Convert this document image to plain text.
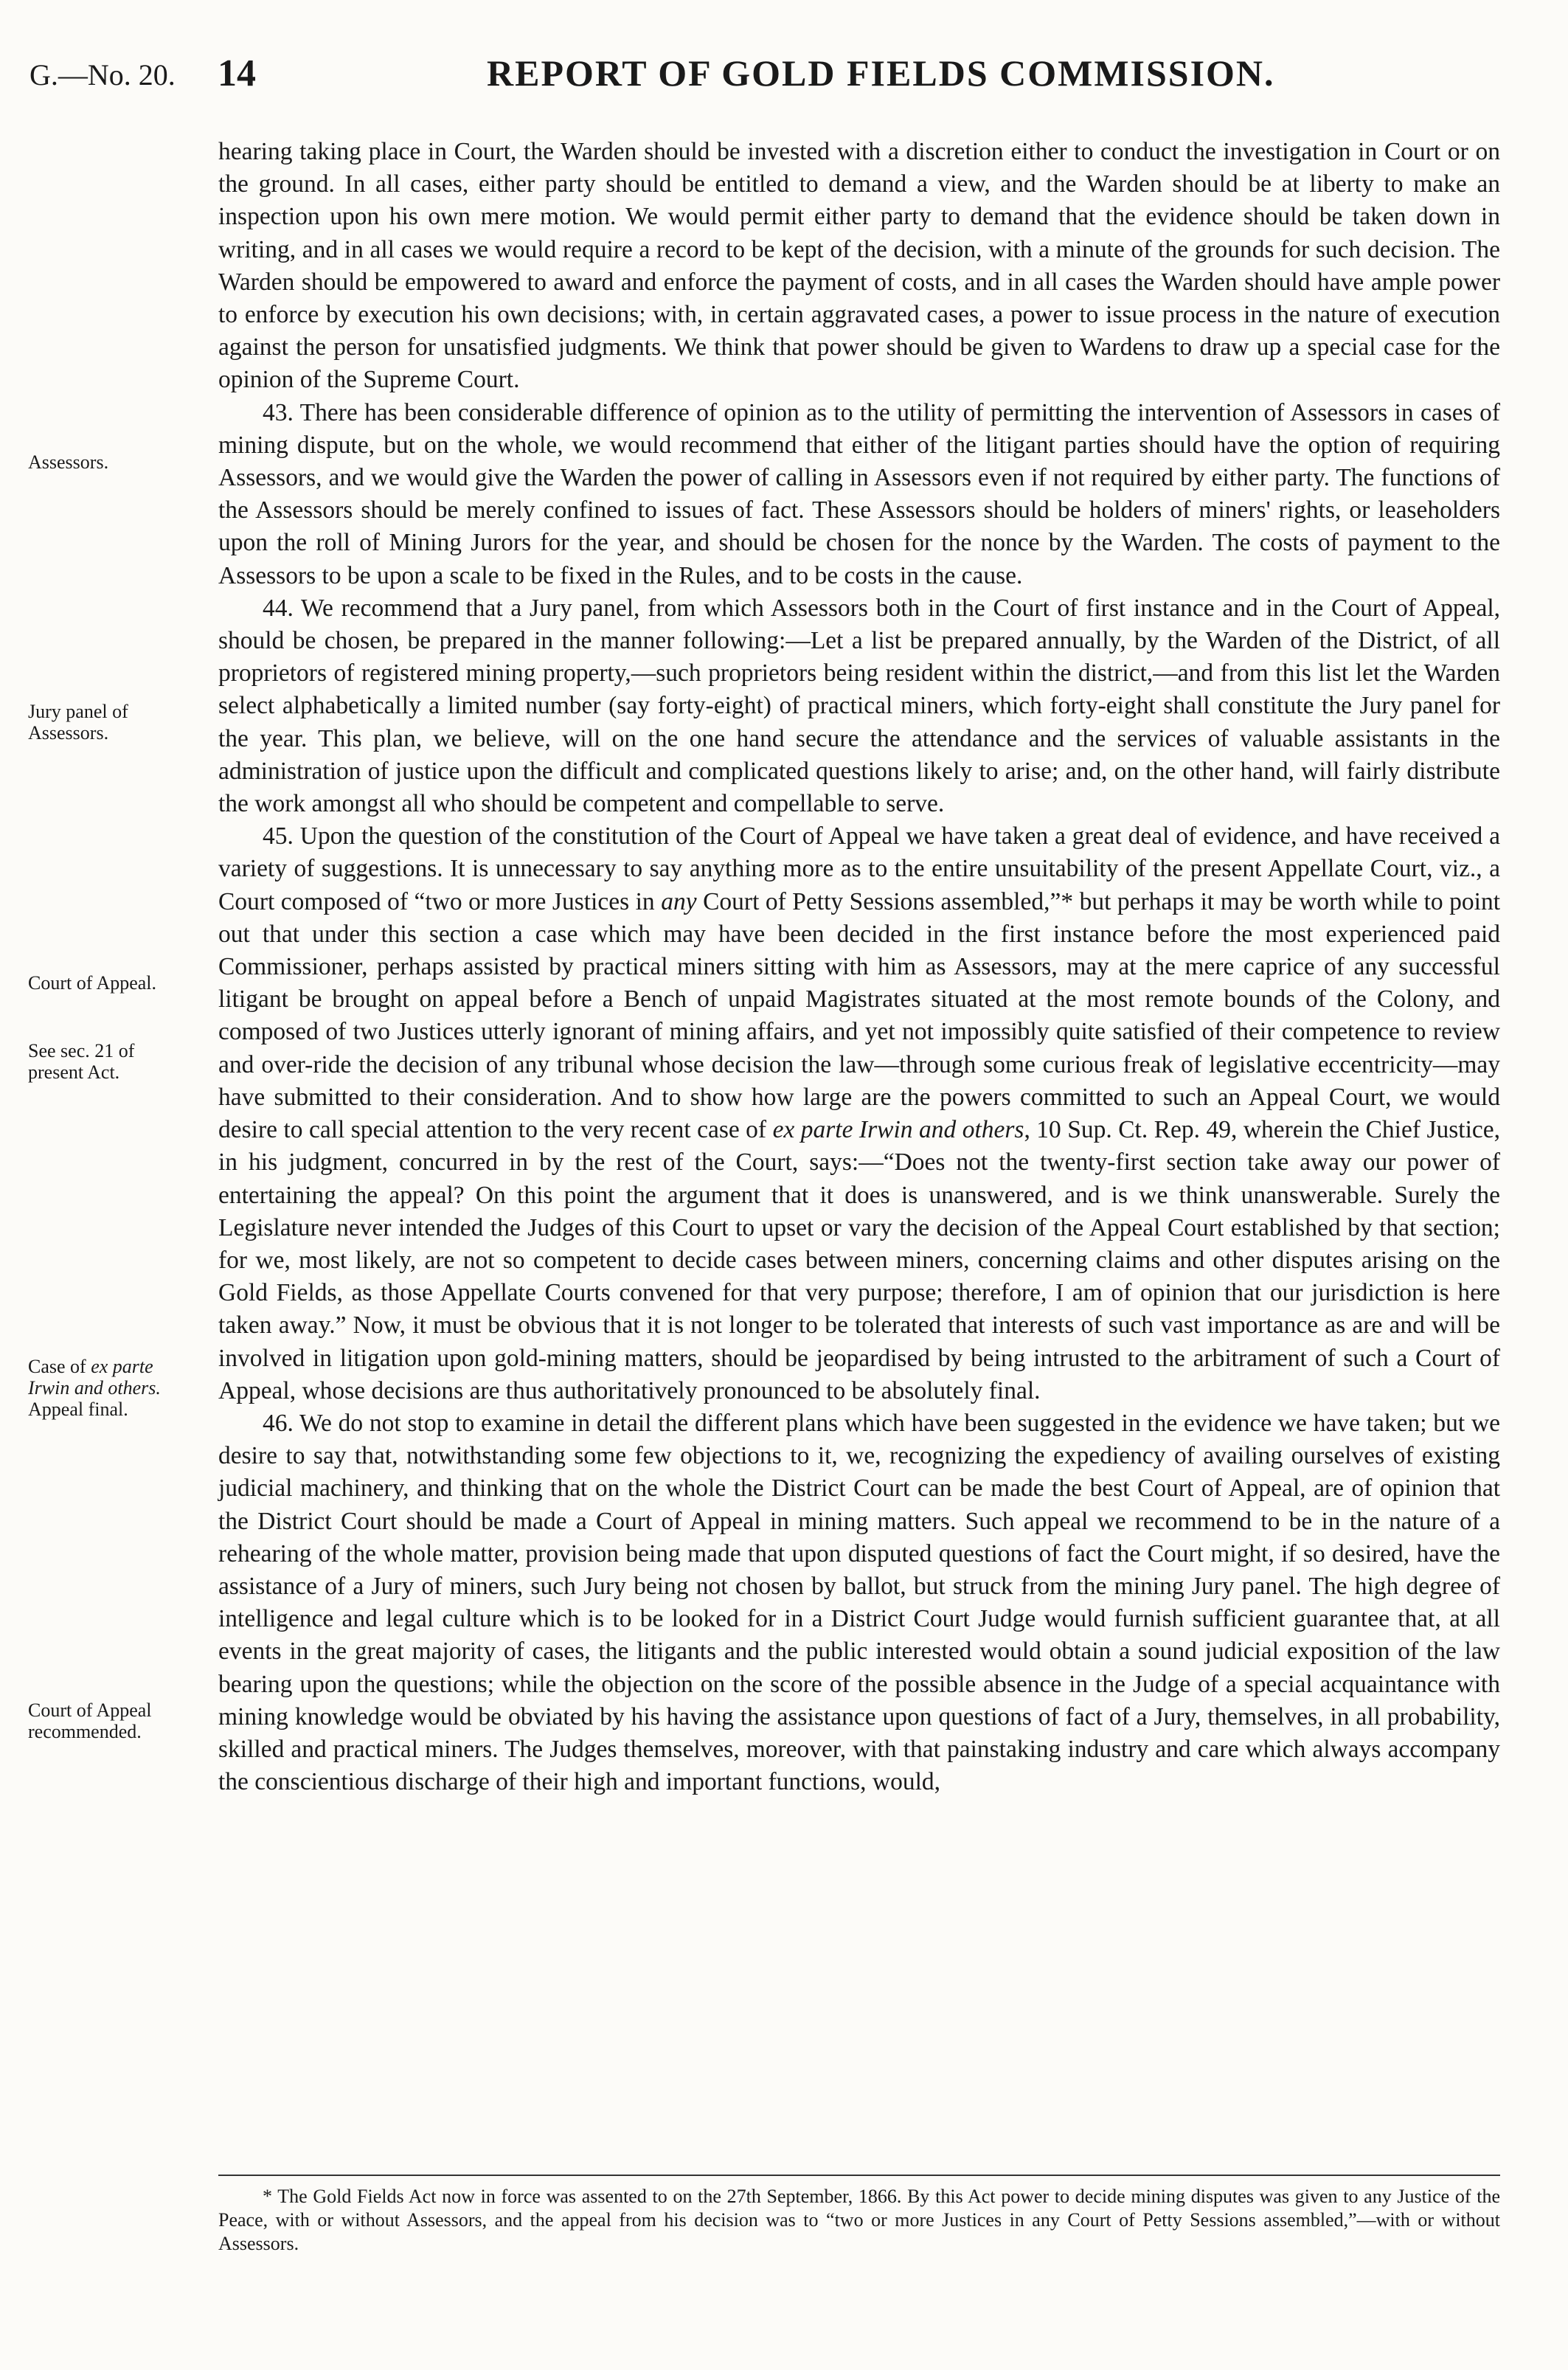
G.—No. 20. 14	REPORT OF GOLD FIELDS COMMISSION.
Assessors.
Jury panel of
Assessors.
Court of Appeal.
See sec. 21 of
present Act.
Case of ex parte
Irwin and others.
Appeal final.
Court of Appeal
recommended.

hearing taking place in Court, the Warden should be invested with a discretion either to conduct the investigation in Court or on the ground. In all cases, either party should be entitled to demand a view, and the Warden should be at liberty to make an inspection upon his own mere motion. We would permit either party to demand that the evidence should be taken down in writing, and in all cases we would require a record to be kept of the decision, with a minute of the grounds for such decision. The Warden should be empowered to award and enforce the payment of costs, and in all cases the Warden should have ample power to enforce by execution his own decisions; with, in certain aggravated cases, a power to issue process in the nature of execution against the person for unsatisfied judgments. We think that power should be given to Wardens to draw up a special case for the opinion of the Supreme Court.

43. There has been considerable difference of opinion as to the utility of permitting the intervention of Assessors in cases of mining dispute, but on the whole, we would recommend that either of the litigant parties should have the option of requiring Assessors, and we would give the Warden the power of calling in Assessors even if not required by either party. The functions of the Assessors should be merely confined to issues of fact. These Assessors should be holders of miners' rights, or leaseholders upon the roll of Mining Jurors for the year, and should be chosen for the nonce by the Warden. The costs of payment to the Assessors to be upon a scale to be fixed in the Rules, and to be costs in the cause.

44. We recommend that a Jury panel, from which Assessors both in the Court of first instance and in the Court of Appeal, should be chosen, be prepared in the manner following:—Let a list be prepared annually, by the Warden of the District, of all proprietors of registered mining property,—such proprietors being resident within the district,—and from this list let the Warden select alphabetically a limited number (say forty-eight) of practical miners, which forty-eight shall constitute the Jury panel for the year. This plan, we believe, will on the one hand secure the attendance and the services of valuable assistants in the administration of justice upon the difficult and complicated questions likely to arise; and, on the other hand, will fairly distribute the work amongst all who should be competent and compellable to serve.

45. Upon the question of the constitution of the Court of Appeal we have taken a great deal of evidence, and have received a variety of suggestions. It is unnecessary to say anything more as to the entire unsuitability of the present Appellate Court, viz., a Court composed of “two or more Justices in any Court of Petty Sessions assembled,”* but perhaps it may be worth while to point out that under this section a case which may have been decided in the first instance before the most experienced paid Commissioner, perhaps assisted by practical miners sitting with him as Assessors, may at the mere caprice of any successful litigant be brought on appeal before a Bench of unpaid Magistrates situated at the most remote bounds of the Colony, and composed of two Justices utterly ignorant of mining affairs, and yet not impossibly quite satisfied of their competence to review and over-ride the decision of any tribunal whose decision the law—through some curious freak of legislative eccentricity—may have submitted to their consideration. And to show how large are the powers committed to such an Appeal Court, we would desire to call special attention to the very recent case of ex parte Irwin and others, 10 Sup. Ct. Rep. 49, wherein the Chief Justice, in his judgment, concurred in by the rest of the Court, says:—“Does not the twenty-first section take away our power of entertaining the appeal? On this point the argument that it does is unanswered, and is we think unanswerable. Surely the Legislature never intended the Judges of this Court to upset or vary the decision of the Appeal Court established by that section; for we, most likely, are not so competent to decide cases between miners, concerning claims and other disputes arising on the Gold Fields, as those Appellate Courts convened for that very purpose; therefore, I am of opinion that our jurisdiction is here taken away.” Now, it must be obvious that it is not longer to be tolerated that interests of such vast importance as are and will be involved in litigation upon gold-mining matters, should be jeopardised by being intrusted to the arbitrament of such a Court of Appeal, whose decisions are thus authoritatively pronounced to be absolutely final.

46. We do not stop to examine in detail the different plans which have been suggested in the evidence we have taken; but we desire to say that, notwithstanding some few objections to it, we, recognizing the expediency of availing ourselves of existing judicial machinery, and thinking that on the whole the District Court can be made the best Court of Appeal, are of opinion that the District Court should be made a Court of Appeal in mining matters. Such appeal we recommend to be in the nature of a rehearing of the whole matter, provision being made that upon disputed questions of fact the Court might, if so desired, have the assistance of a Jury of miners, such Jury being not chosen by ballot, but struck from the mining Jury panel. The high degree of intelligence and legal culture which is to be looked for in a District Court Judge would furnish sufficient guarantee that, at all events in the great majority of cases, the litigants and the public interested would obtain a sound judicial exposition of the law bearing upon the questions; while the objection on the score of the possible absence in the Judge of a special acquaintance with mining knowledge would be obviated by his having the assistance upon questions of fact of a Jury, themselves, in all probability, skilled and practical miners. The Judges themselves, moreover, with that painstaking industry and care which always accompany the conscientious discharge of their high and important functions, would,

* The Gold Fields Act now in force was assented to on the 27th September, 1866. By this Act power to decide mining disputes was given to any Justice of the Peace, with or without Assessors, and the appeal from his decision was to “two or more Justices in any Court of Petty Sessions assembled,”—with or without Assessors.
